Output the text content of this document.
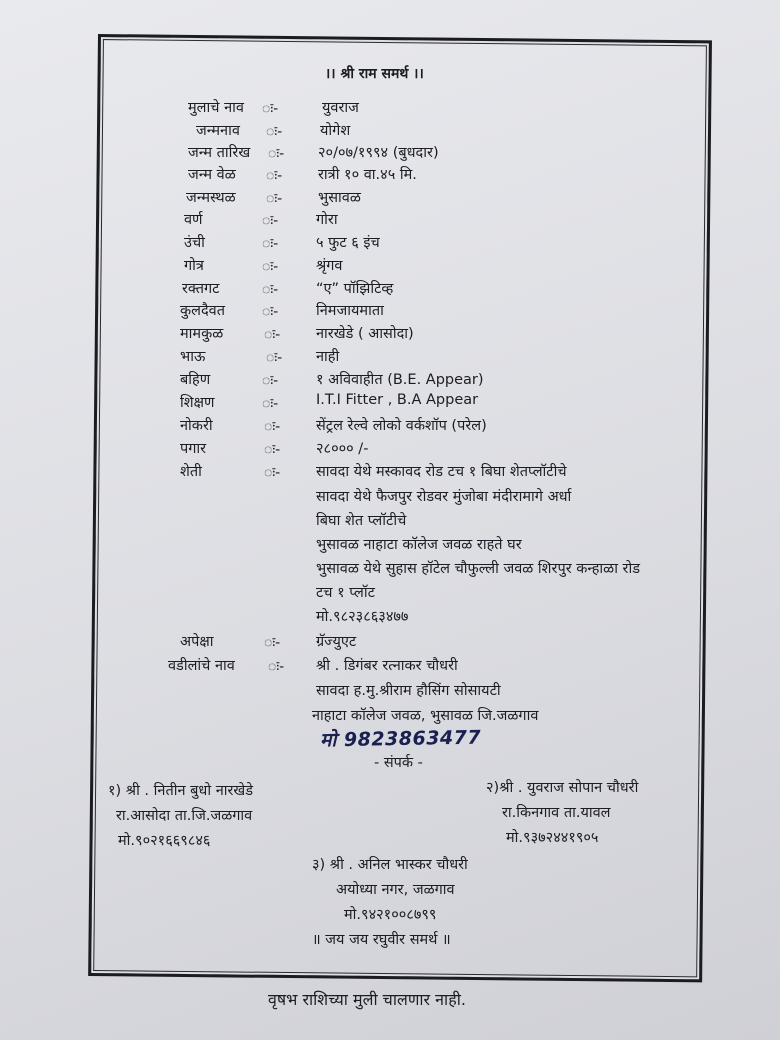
।। श्री राम समर्थ ।।
मुलाचे नाव ः-	युवराज
जन्मनाव ः-	योगेश
जन्म तारिख ः- २०/०७/१९९४ (बुधदार)
जन्म वेळ ः- रात्री १० वा.४५ मि.
जन्मस्थळ ः- भुसावळ
वर्ण	ः-	गोरा
उंची	ः-	५ फुट ६ इंच
गोत्र	ः-	श्रृंगव
रक्तगट	ः-	“ए” पॉझिटिव्ह
कुलदैवत	ः-	निमजायमाता
मामकुळ	ः- नारखेडे ( आसोदा)
भाऊ	ः- नाही
बहिण	ः-	१ अविवाहीत (B.E. Appear)
शिक्षण	ः-	I.T.I Fitter , B.A Appear
नोकरी	ः- सेंट्रल रेल्वे लोको वर्कशॉप (परेल)
पगार	ः- २८००० /-
शेती	ः- सावदा येथे मस्कावद रोड टच १ बिघा शेतप्लॉटीचे
सावदा येथे फैजपुर रोडवर मुंजोबा मंदीरामागे अर्धा
बिघा शेत प्लॉटीचे
भुसावळ नाहाटा कॉलेज जवळ राहते घर
भुसावळ येथे सुहास हॉटेल चौफुल्ली जवळ शिरपुर कन्हाळा रोड
टच १ प्लॉट
मो.९८२३८६३४७७
अपेक्षा	ः- ग्रॅज्युएट
वडीलांचे नाव ः- श्री . डिगंबर रत्नाकर चौधरी
सावदा ह.मु.श्रीराम हौसिंग सोसायटी
नाहाटा कॉलेज जवळ, भुसावळ जि.जळगाव
मो 9823863477
- संपर्क -
१) श्री . नितीन बुधो नारखेडे
रा.आसोदा ता.जि.जळगाव
मो.९०२१६६९८४६
२)श्री . युवराज सोपान चौधरी
रा.किनगाव ता.यावल
मो.९३७२४४१९०५
३) श्री . अनिल भास्कर चौधरी
अयोध्या नगर, जळगाव
मो.९४२१००८७९९
॥ जय जय रघुवीर समर्थ ॥
वृषभ राशिच्या मुली चालणार नाही.
